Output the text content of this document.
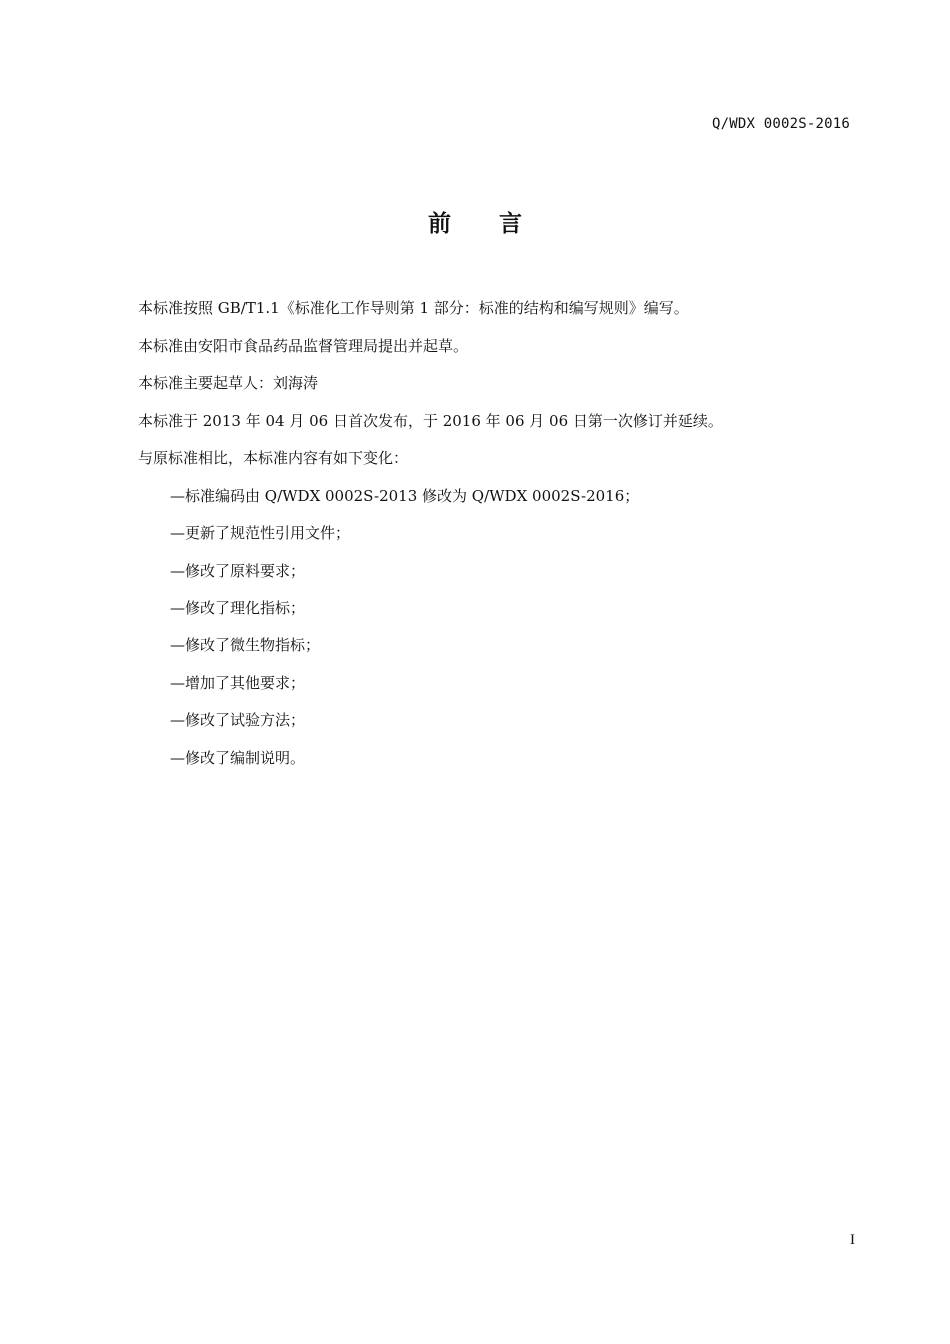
Q/WDX 0002S-2016
前 言
本标准按照 GB/T1.1《标准化工作导则第 1 部分：标准的结构和编写规则》编写。
本标准由安阳市食品药品监督管理局提出并起草。
本标准主要起草人：刘海涛
本标准于 2013 年 04 月 06 日首次发布，于 2016 年 06 月 06 日第一次修订并延续。
与原标准相比，本标准内容有如下变化：
—标准编码由 Q/WDX 0002S-2013 修改为 Q/WDX 0002S-2016；
—更新了规范性引用文件；
—修改了原料要求；
—修改了理化指标；
—修改了微生物指标；
—增加了其他要求；
—修改了试验方法；
—修改了编制说明。
I
